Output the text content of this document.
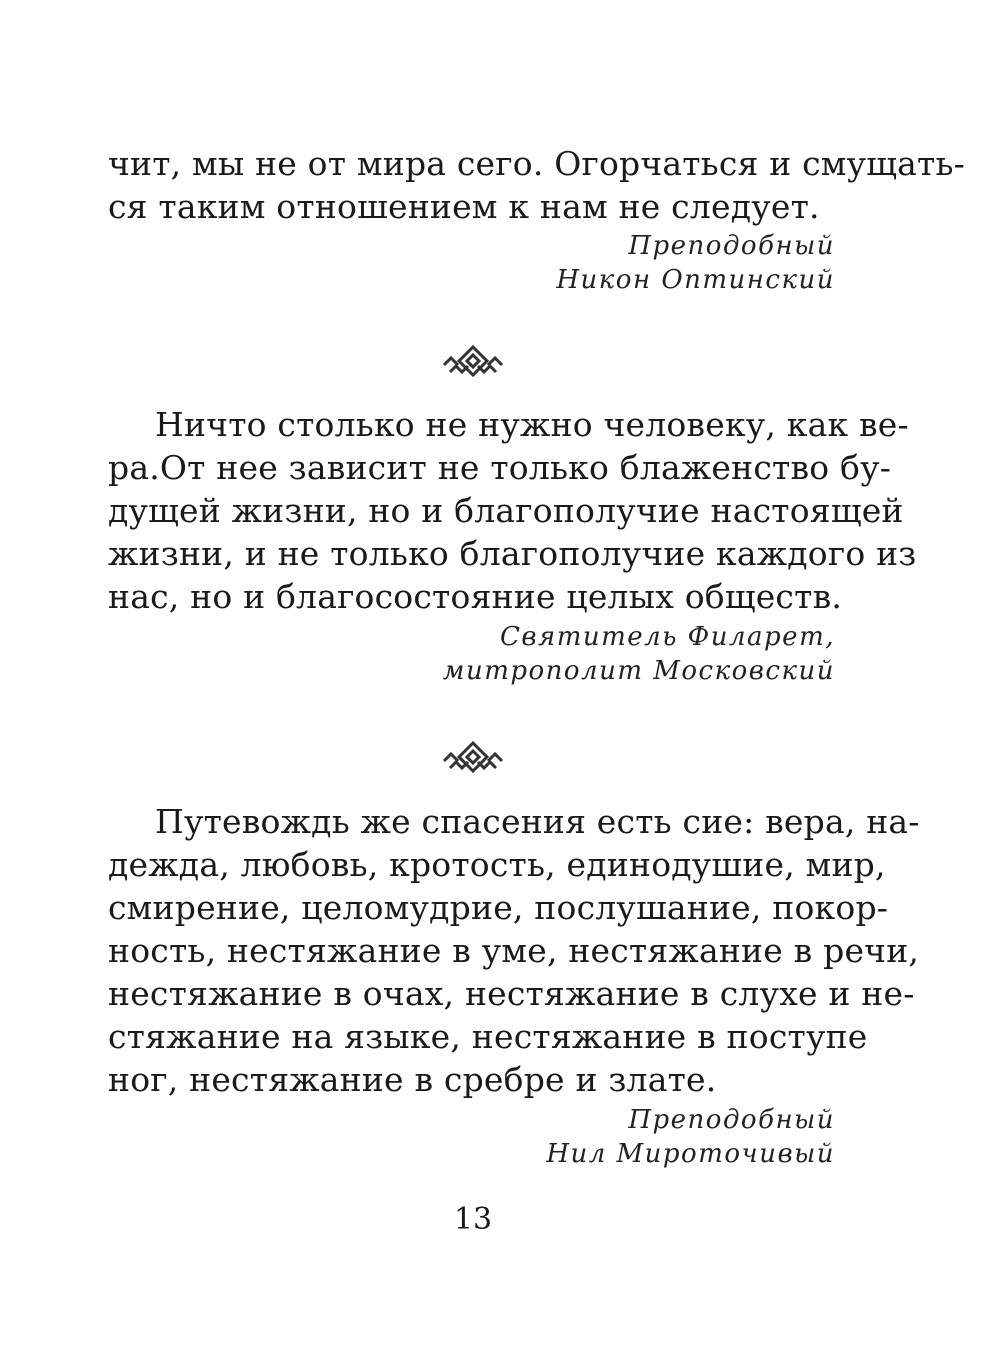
чит, мы не от мира сего. Огорчаться и смущать-
ся таким отношением к нам не следует.

Преподобный
Никон Оптинский

Ничто столько не нужно человеку, как ве-
ра.От нее зависит не только блаженство бу-
дущей жизни, но и благополучие настоящей
жизни, и не только благополучие каждого из
нас, но и благосостояние целых обществ.

Святитель Филарет,
митрополит Московский

Путевождь же спасения есть сие: вера, на-
дежда, любовь, кротость, единодушие, мир,
смирение, целомудрие, послушание, покор-
ность, нестяжание в уме, нестяжание в речи,
нестяжание в очах, нестяжание в слухе и не-
стяжание на языке, нестяжание в поступе
ног, нестяжание в сребре и злате.

Преподобный
Нил Мироточивый
13
